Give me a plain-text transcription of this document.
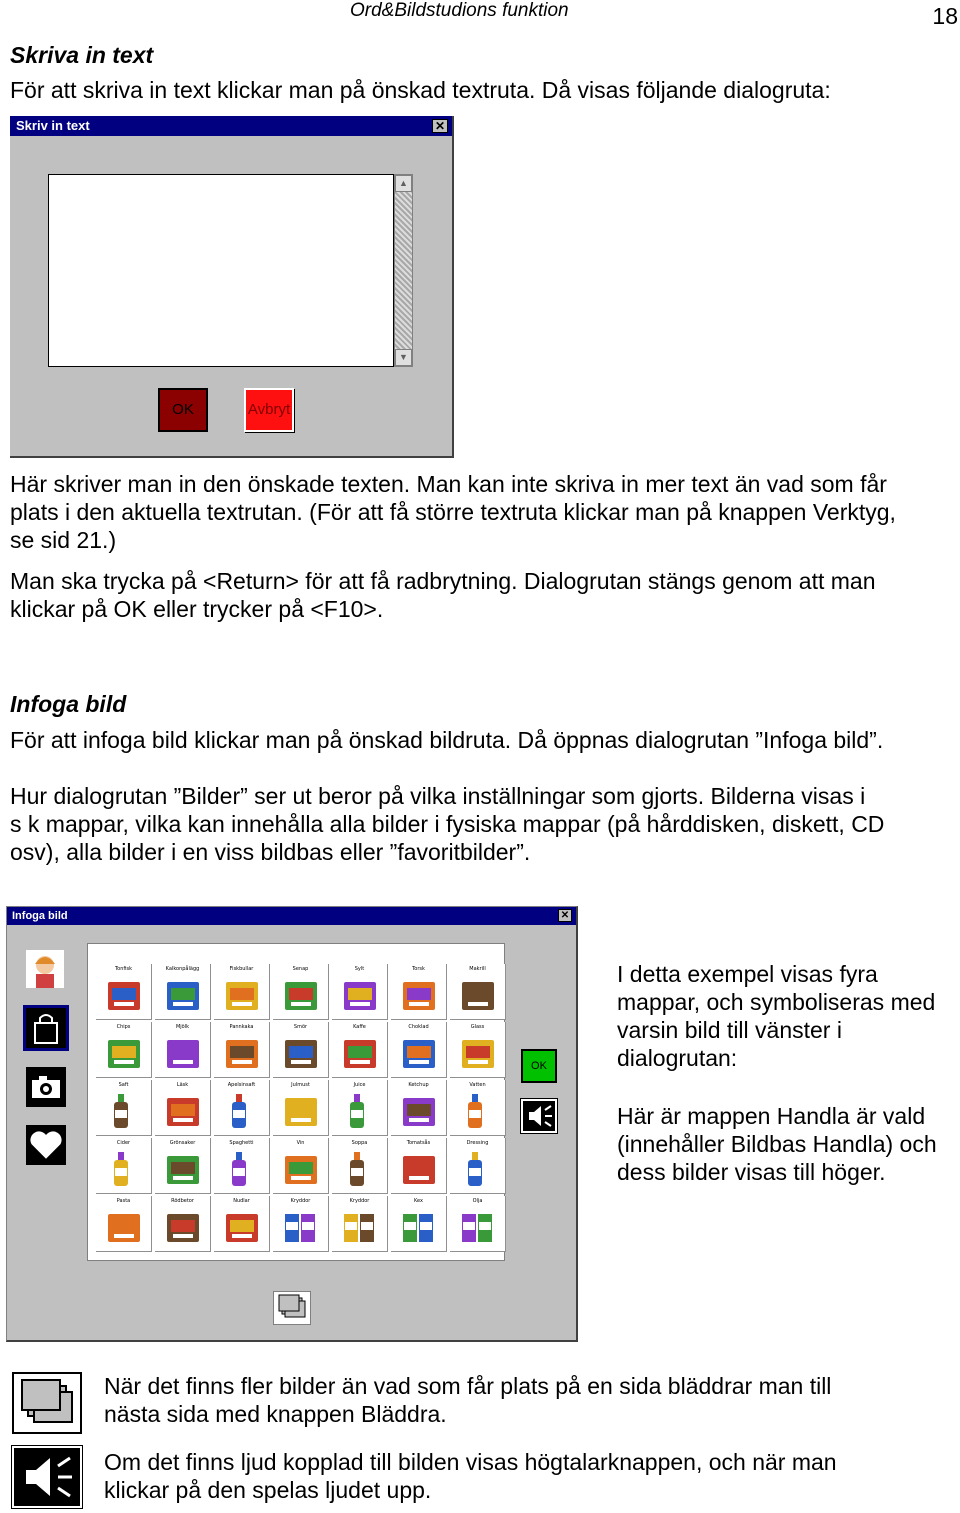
Ord&Bildstudions funktion	18
Skriva in text
För att skriva in text klickar man på önskad textruta. Då visas följande dialogruta:
Skriv in text	✕
▲
▼
OK	Avbryt
Här skriver man in den önskade texten. Man kan inte skriva in mer text än vad som får
plats i den aktuella textrutan. (För att få större textruta klickar man på knappen Verktyg,
se sid 21.)
Man ska trycka på <Return> för att få radbrytning. Dialogrutan stängs genom att man
klickar på OK eller trycker på <F10>.
Infoga bild
För att infoga bild klickar man på önskad bildruta. Då öppnas dialogrutan ”Infoga bild”.
Hur dialogrutan ”Bilder” ser ut beror på vilka inställningar som gjorts. Bilderna visas i
s k mappar, vilka kan innehålla alla bilder i fysiska mappar (på hårddisken, diskett, CD
osv), alla bilder i en viss bildbas eller ”favoritbilder”.
Infoga bild	✕
Tonfisk	Kalkonpålägg	Fiskbullar	Senap	Sylt	Torsk	Makrill
Chips	Mjölk	Pannkaka	Smör	Kaffe	Choklad	Glass
Saft	Läsk	Apelsinsaft	Julmust	Juice	Ketchup	Vatten
Cider	Grönsaker	Spaghetti	Vin	Soppa	Tomatsås	Dressing
Pasta	Rödbetor	Nudlar	Kryddor	Kryddor	Kex	Olja
OK
I detta exempel visas fyra
mappar, och symboliseras med
varsin bild till vänster i
dialogrutan:
Här är mappen Handla är vald
(innehåller Bildbas Handla) och
dess bilder visas till höger.
När det finns fler bilder än vad som får plats på en sida bläddrar man till
nästa sida med knappen Bläddra.
Om det finns ljud kopplad till bilden visas högtalarknappen, och när man
klickar på den spelas ljudet upp.
